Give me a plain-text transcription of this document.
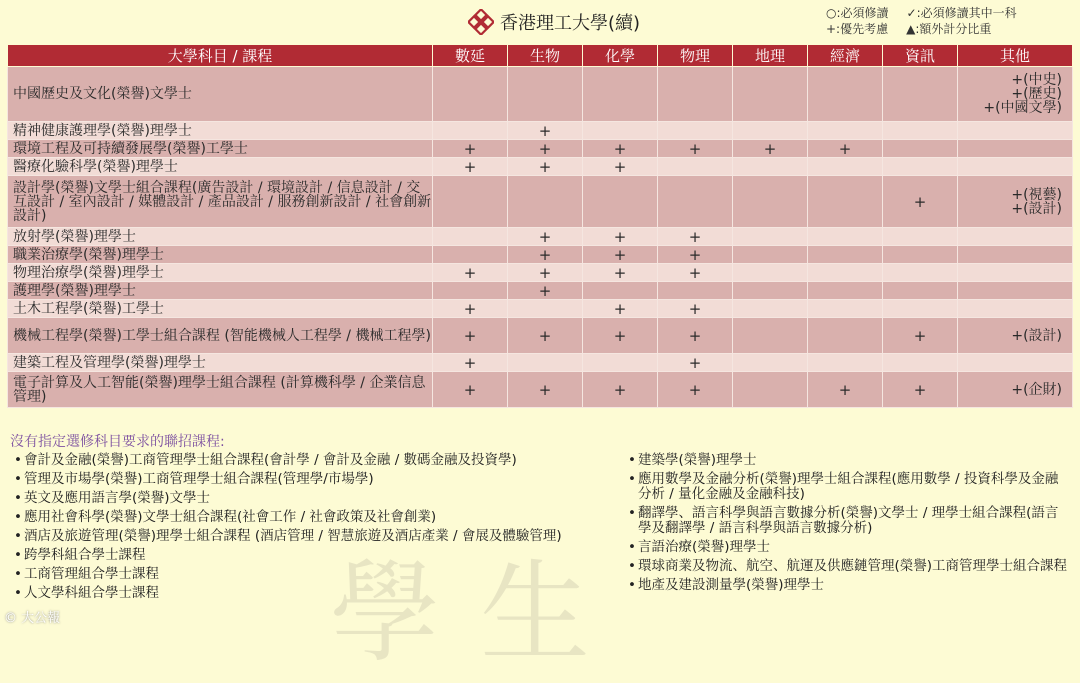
香港理工大學(續)	○:必須修讀 ✓:必須修讀其中一科
+:優先考慮 ▲:額外計分比重
大學科目 / 課程	數延	生物	化學	物理	地理	經濟	資訊	其他
中國歷史及文化(榮譽)文學士								+(中史)
+(歷史)
+(中國文學)

精神健康護理學(榮譽)理學士		+						

環境工程及可持續發展學(榮譽)工學士	+	+	+	+	+	+		

醫療化驗科學(榮譽)理學士	+	+	+					

設計學(榮譽)文學士組合課程(廣告設計 / 環境設計 / 信息設計 / 交互設計 / 室內設計 / 媒體設計 / 產品設計 / 服務創新設計 / 社會創新設計)							+	+(視藝)
+(設計)

放射學(榮譽)理學士		+	+	+				

職業治療學(榮譽)理學士		+	+	+				

物理治療學(榮譽)理學士	+	+	+	+				

護理學(榮譽)理學士		+						

土木工程學(榮譽)工學士	+		+	+				

機械工程學(榮譽)工學士組合課程 (智能機械人工程學 / 機械工程學)	+	+	+	+			+	+(設計)

建築工程及管理學(榮譽)理學士	+			+				

電子計算及人工智能(榮譽)理學士組合課程 (計算機科學 / 企業信息管理)	+	+	+	+		+	+	+(企財)
沒有指定選修科目要求的聯招課程:
• 會計及金融(榮譽)工商管理學士組合課程(會計學 / 會計及金融 / 數碼金融及投資學)
• 管理及市場學(榮譽)工商管理學士組合課程(管理學/市場學)
• 英文及應用語言學(榮譽)文學士
• 應用社會科學(榮譽)文學士組合課程(社會工作 / 社會政策及社會創業)
• 酒店及旅遊管理(榮譽)理學士組合課程 (酒店管理 / 智慧旅遊及酒店產業 / 會展及體驗管理)
• 跨學科組合學士課程
• 工商管理組合學士課程
• 人文學科組合學士課程
• 建築學(榮譽)理學士
• 應用數學及金融分析(榮譽)理學士組合課程(應用數學 / 投資科學及金融分析 / 量化金融及金融科技)
• 翻譯學、語言科學與語言數據分析(榮譽)文學士 / 理學士組合課程(語言學及翻譯學 / 語言科學與語言數據分析)
• 言語治療(榮譽)理學士
• 環球商業及物流、航空、航運及供應鏈管理(榮譽)工商管理學士組合課程
• 地產及建設測量學(榮譽)理學士
學生
© 大公報
